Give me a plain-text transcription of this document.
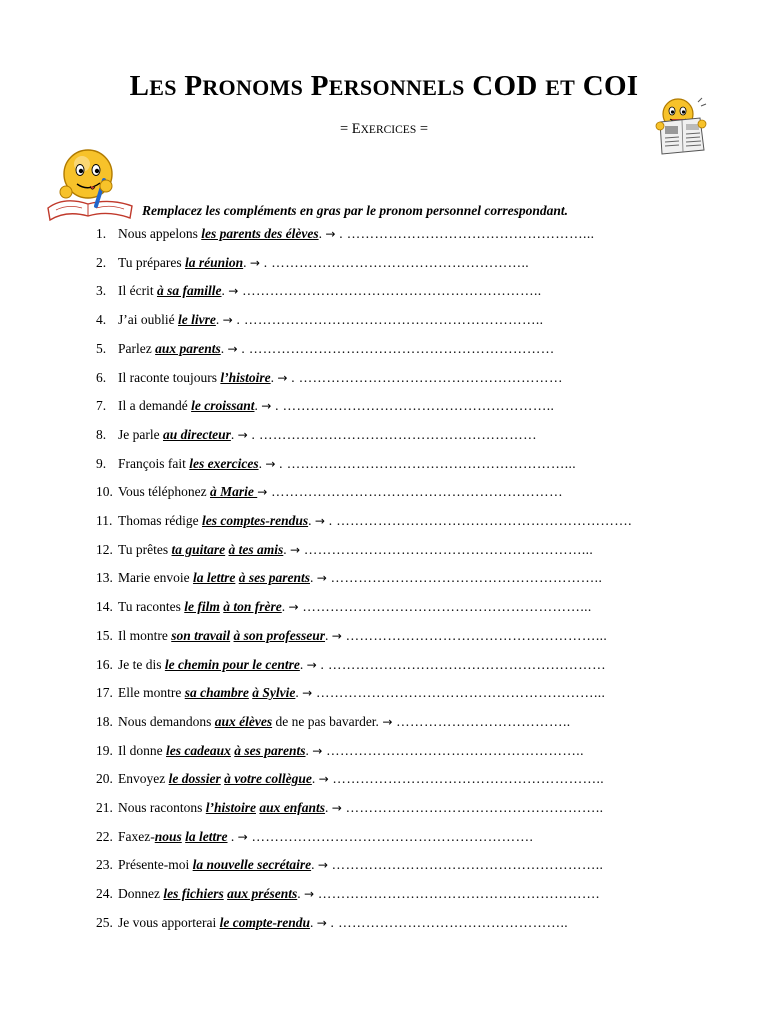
LES PRONOMS PERSONNELS COD ET COI
= EXERCICES =
Remplacez les compléments en gras par le pronom personnel correspondant.
1. Nous appelons les parents des élèves. → . ……………………………………………...
2. Tu prépares la réunion. → . ………………………………………………..
3. Il écrit à sa famille. → ………………………………………………………..
4. J’ai oublié le livre. → . ………………………………………………………..
5. Parlez aux parents. → . …………………………………………………………
6. Il raconte toujours l’histoire. → . …………………………………………………
7. Il a demandé le croissant. → . …………………………………………………..
8. Je parle au directeur. → . ……………………………………………………
9. François fait les exercices. → . ……………………………………………………...
10. Vous téléphonez à Marie → ………………………………………………………
11. Thomas rédige les comptes-rendus. → . ……………………………………………………….
12. Tu prêtes ta guitare à tes amis. → ……………………………………………………...
13. Marie envoie la lettre à ses parents. → …………………………………………………..
14. Tu racontes le film à ton frère. → ……………………………………………………...
15. Il montre son travail à son professeur. → ………………………………………………...
16. Je te dis le chemin pour le centre. → . ……………………………………………………
17. Elle montre sa chambre à Sylvie. → ……………………………………………………...
18. Nous demandons aux élèves de ne pas bavarder. → ………………………………..
19. Il donne les cadeaux à ses parents. → ………………………………………………..
20. Envoyez le dossier à votre collègue. → …………………………………………………..
21. Nous racontons l’histoire aux enfants. → ………………………………………………..
22. Faxez-nous la lettre . → …………………………………………………….
23. Présente-moi la nouvelle secrétaire. → …………………………………………………..
24. Donnez les fichiers aux présents. → …………………………………………………….
25. Je vous apporterai le compte-rendu. → . …………………………………………..
